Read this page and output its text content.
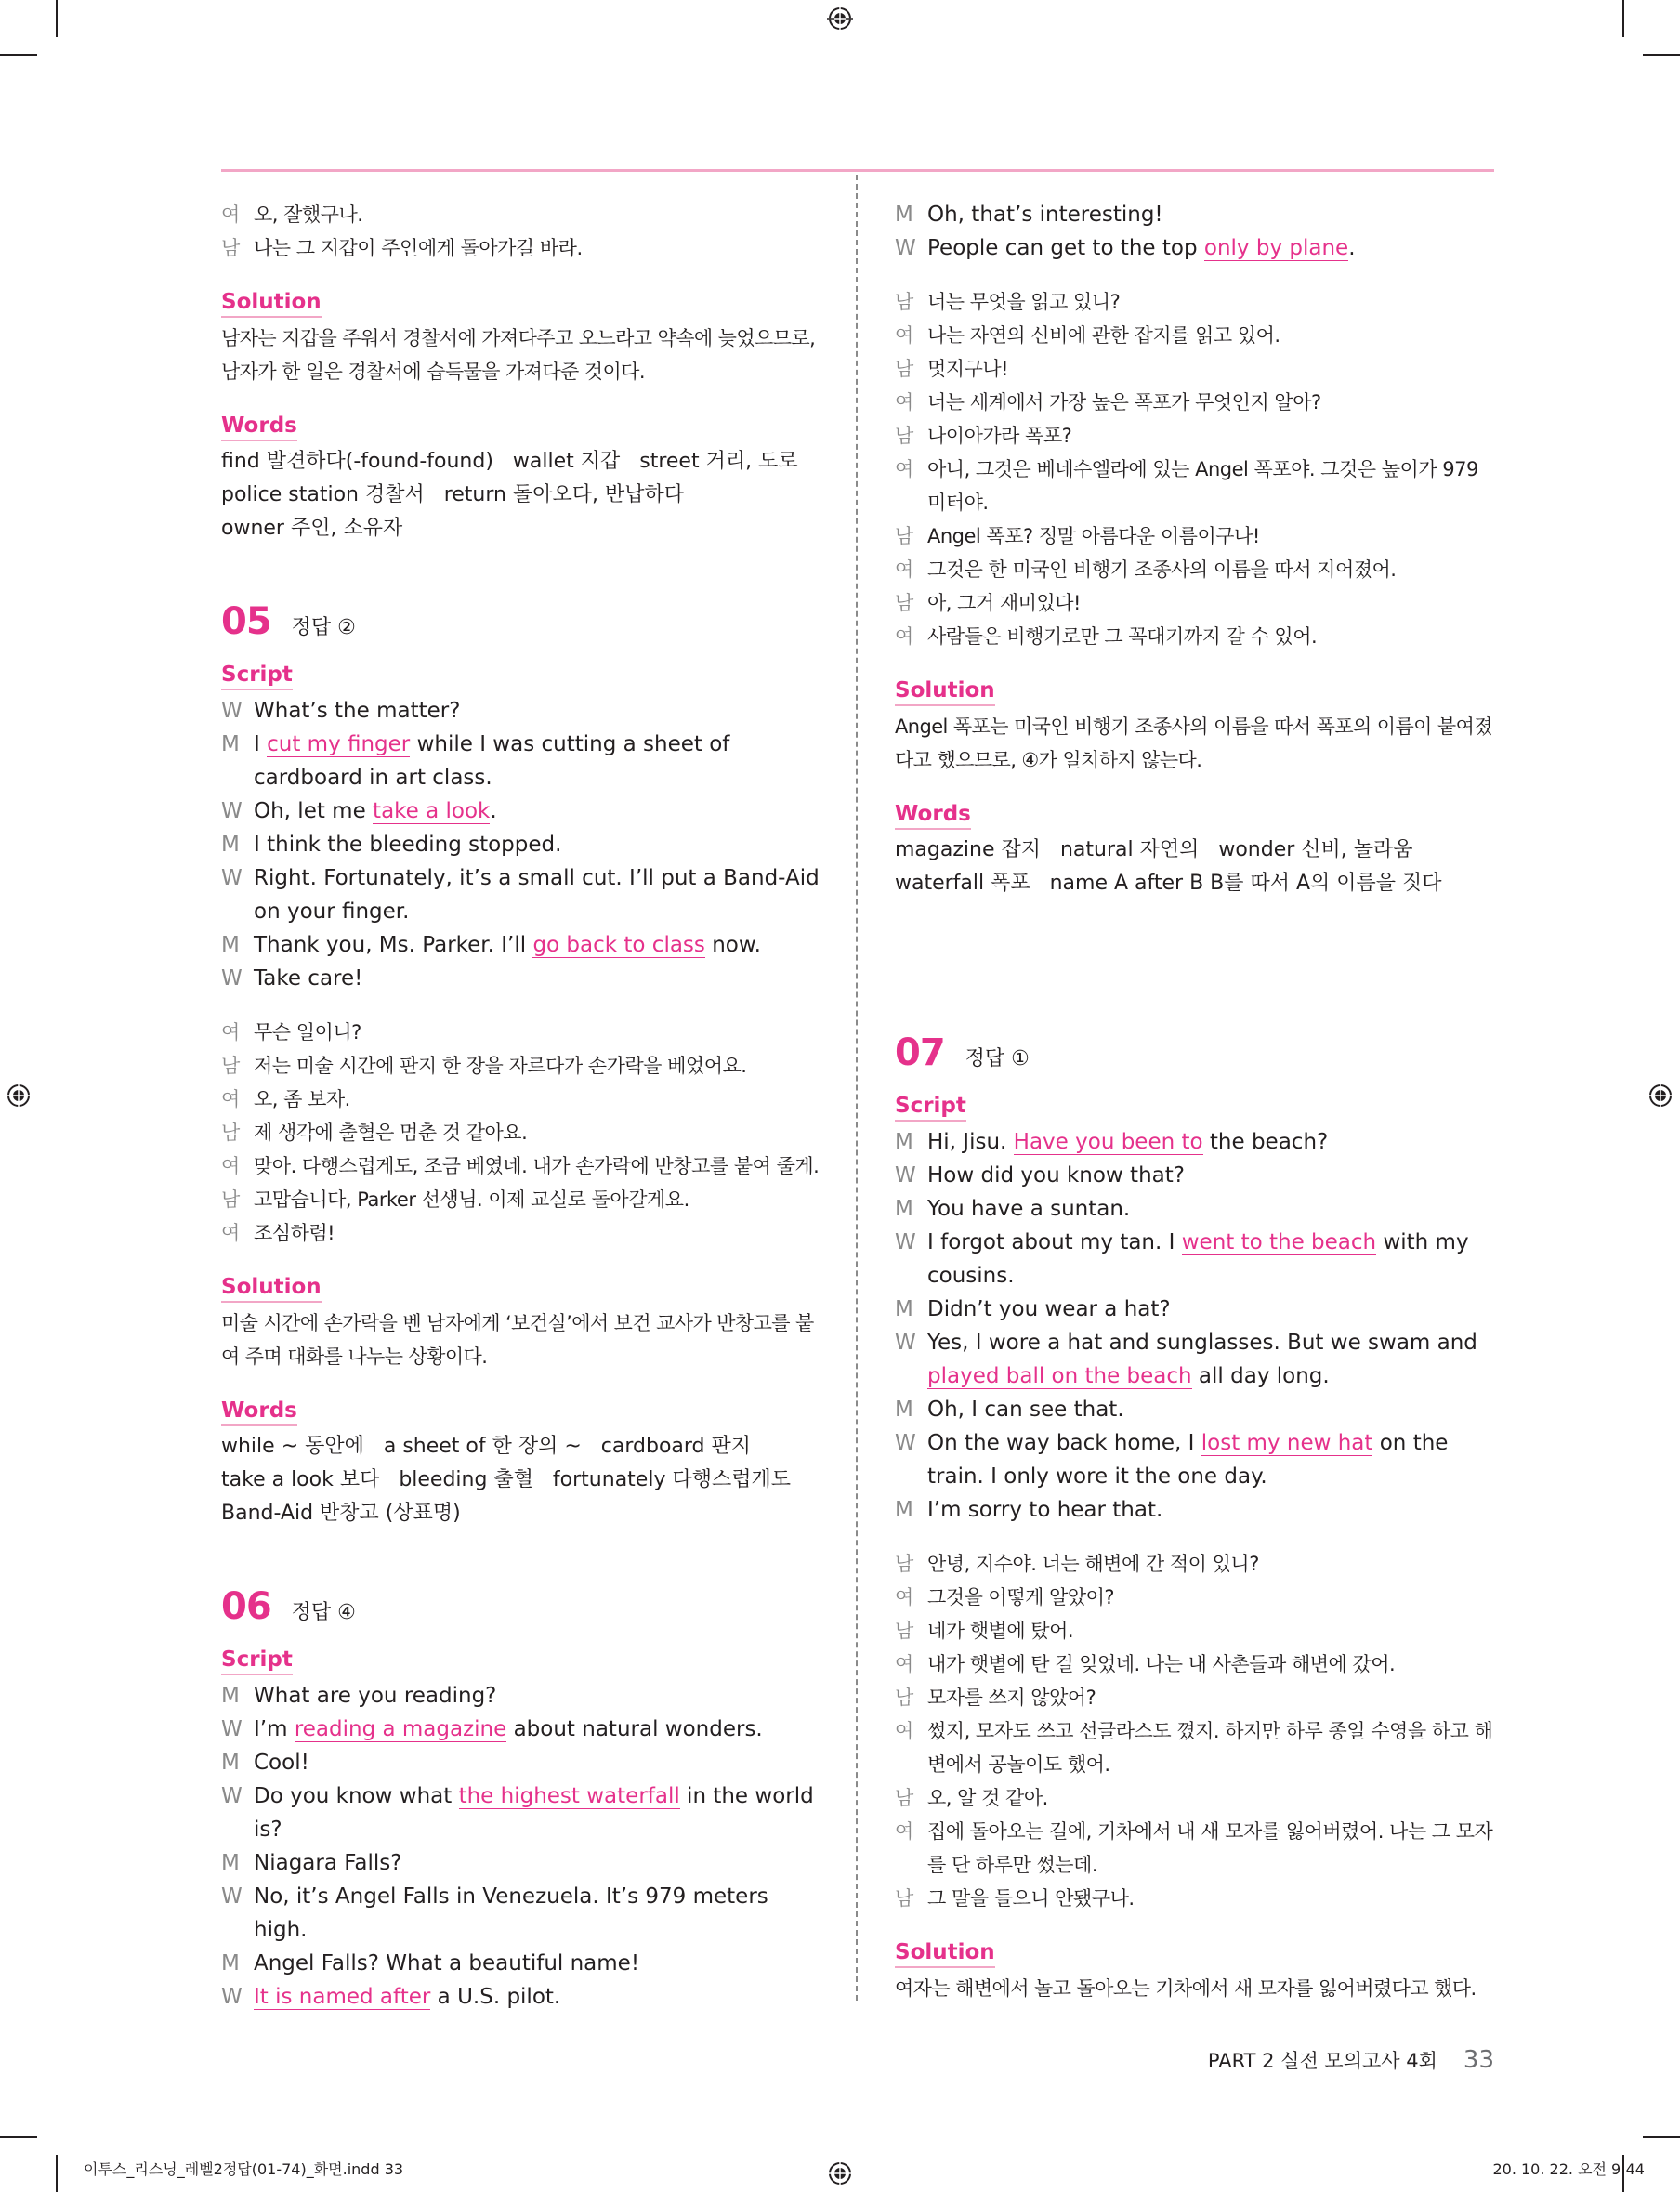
여 오, 잘했구나.
남 나는 그 지갑이 주인에게 돌아가길 바라.
Solution
남자는 지갑을 주워서 경찰서에 가져다주고 오느라고 약속에 늦었으므로, 남자가 한 일은 경찰서에 습득물을 가져다준 것이다.
Words
find 발견하다(-found-found)   wallet 지갑   street 거리, 도로
police station 경찰서   return 돌아오다, 반납하다
owner 주인, 소유자
05 정답 ②
Script
W What’s the matter?
M I cut my finger while I was cutting a sheet of cardboard in art class.
W Oh, let me take a look.
M I think the bleeding stopped.
W Right. Fortunately, it’s a small cut. I’ll put a Band-Aid on your finger.
M Thank you, Ms. Parker. I’ll go back to class now.
W Take care!
여 무슨 일이니?
남 저는 미술 시간에 판지 한 장을 자르다가 손가락을 베었어요.
여 오, 좀 보자.
남 제 생각에 출혈은 멈춘 것 같아요.
여 맞아. 다행스럽게도, 조금 베였네. 내가 손가락에 반창고를 붙여 줄게.
남 고맙습니다, Parker 선생님. 이제 교실로 돌아갈게요.
여 조심하렴!
Solution
미술 시간에 손가락을 벤 남자에게 ‘보건실’에서 보건 교사가 반창고를 붙여 주며 대화를 나누는 상황이다.
Words
while ~ 동안에   a sheet of 한 장의 ~   cardboard 판지
take a look 보다   bleeding 출혈   fortunately 다행스럽게도
Band-Aid 반창고 (상표명)
06 정답 ④
Script
M What are you reading?
W I’m reading a magazine about natural wonders.
M Cool!
W Do you know what the highest waterfall in the world is?
M Niagara Falls?
W No, it’s Angel Falls in Venezuela. It’s 979 meters high.
M Angel Falls? What a beautiful name!
W It is named after a U.S. pilot.
M Oh, that’s interesting!
W People can get to the top only by plane.
남 너는 무엇을 읽고 있니?
여 나는 자연의 신비에 관한 잡지를 읽고 있어.
남 멋지구나!
여 너는 세계에서 가장 높은 폭포가 무엇인지 알아?
남 나이아가라 폭포?
여 아니, 그것은 베네수엘라에 있는 Angel 폭포야. 그것은 높이가 979미터야.
남 Angel 폭포? 정말 아름다운 이름이구나!
여 그것은 한 미국인 비행기 조종사의 이름을 따서 지어졌어.
남 아, 그거 재미있다!
여 사람들은 비행기로만 그 꼭대기까지 갈 수 있어.
Solution
Angel 폭포는 미국인 비행기 조종사의 이름을 따서 폭포의 이름이 붙여졌다고 했으므로, ④가 일치하지 않는다.
Words
magazine 잡지   natural 자연의   wonder 신비, 놀라움
waterfall 폭포   name A after B B를 따서 A의 이름을 짓다
07 정답 ①
Script
M Hi, Jisu. Have you been to the beach?
W How did you know that?
M You have a suntan.
W I forgot about my tan. I went to the beach with my cousins.
M Didn’t you wear a hat?
W Yes, I wore a hat and sunglasses. But we swam and played ball on the beach all day long.
M Oh, I can see that.
W On the way back home, I lost my new hat on the train. I only wore it the one day.
M I’m sorry to hear that.
남 안녕, 지수야. 너는 해변에 간 적이 있니?
여 그것을 어떻게 알았어?
남 네가 햇볕에 탔어.
여 내가 햇볕에 탄 걸 잊었네. 나는 내 사촌들과 해변에 갔어.
남 모자를 쓰지 않았어?
여 썼지, 모자도 쓰고 선글라스도 꼈지. 하지만 하루 종일 수영을 하고 해변에서 공놀이도 했어.
남 오, 알 것 같아.
여 집에 돌아오는 길에, 기차에서 내 새 모자를 잃어버렸어. 나는 그 모자를 단 하루만 썼는데.
남 그 말을 들으니 안됐구나.
Solution
여자는 해변에서 놀고 돌아오는 기차에서 새 모자를 잃어버렸다고 했다.
PART 2 실전 모의고사 4회 33
이투스_리스닝_레벨2정답(01-74)_화면.indd 33	20. 10. 22. 오전 9:44
